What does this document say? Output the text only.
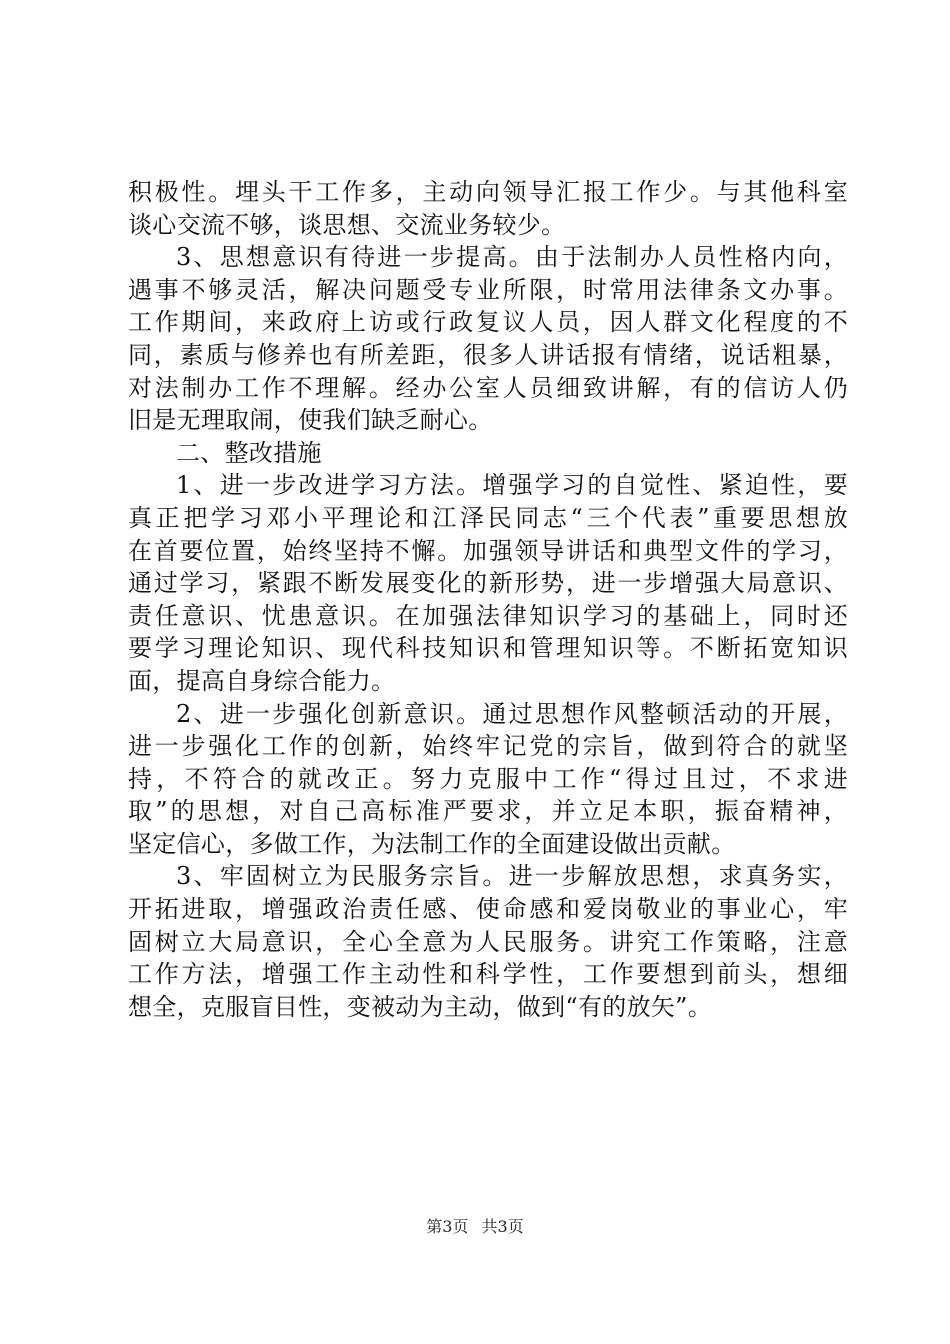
积极性。埋头干工作多，主动向领导汇报工作少。与其他科室
谈心交流不够，谈思想、交流业务较少。
3、思想意识有待进一步提高。由于法制办人员性格内向，
遇事不够灵活，解决问题受专业所限，时常用法律条文办事。
工作期间，来政府上访或行政复议人员，因人群文化程度的不
同，素质与修养也有所差距，很多人讲话报有情绪，说话粗暴，
对法制办工作不理解。经办公室人员细致讲解，有的信访人仍
旧是无理取闹，使我们缺乏耐心。
二、整改措施
1、进一步改进学习方法。增强学习的自觉性、紧迫性，要
真正把学习邓小平理论和江泽民同志“三个代表”重要思想放
在首要位置，始终坚持不懈。加强领导讲话和典型文件的学习，
通过学习，紧跟不断发展变化的新形势，进一步增强大局意识、
责任意识、忧患意识。在加强法律知识学习的基础上，同时还
要学习理论知识、现代科技知识和管理知识等。不断拓宽知识
面，提高自身综合能力。
2、进一步强化创新意识。通过思想作风整顿活动的开展，
进一步强化工作的创新，始终牢记党的宗旨，做到符合的就坚
持，不符合的就改正。努力克服中工作“得过且过，不求进
取”的思想，对自己高标准严要求，并立足本职，振奋精神，
坚定信心，多做工作，为法制工作的全面建设做出贡献。
3、牢固树立为民服务宗旨。进一步解放思想，求真务实，
开拓进取，增强政治责任感、使命感和爱岗敬业的事业心，牢
固树立大局意识，全心全意为人民服务。讲究工作策略，注意
工作方法，增强工作主动性和科学性，工作要想到前头，想细
想全，克服盲目性，变被动为主动，做到“有的放矢”。
第3页 共3页
